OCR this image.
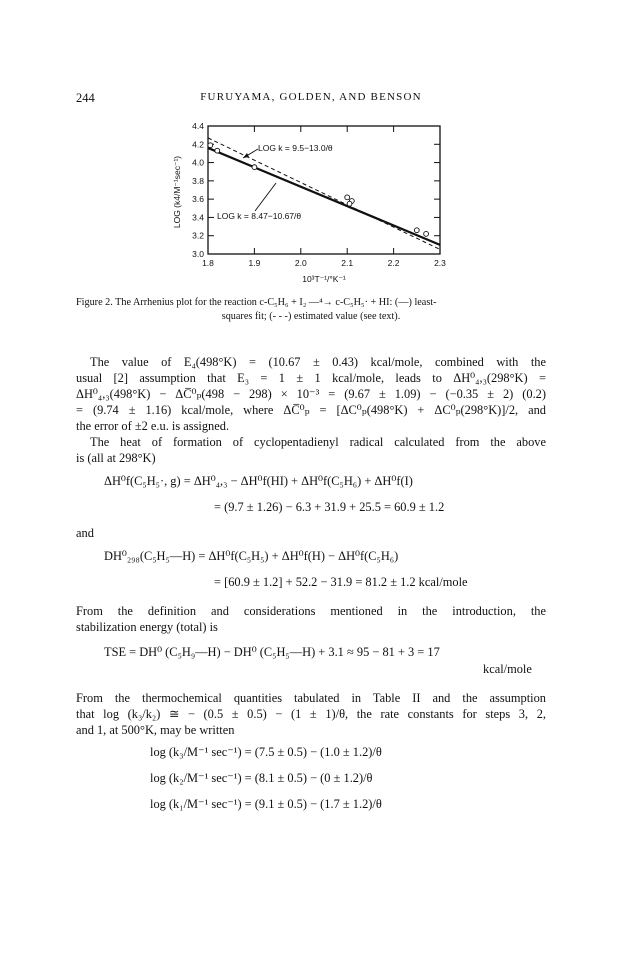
244	FURUYAMA, GOLDEN, AND BENSON
1.8	1.9	2.0	2.1	2.2	2.3
3.0
3.2
3.4
3.6
3.8
4.0
4.2
4.4
LOG k = 9.5−13.0/θ
LOG k = 8.47−10.67/θ
LOG (k4/M⁻¹sec⁻¹)
10³T⁻¹/°K⁻¹
Figure 2. The Arrhenius plot for the reaction c-C₅H₆ + I₂ —⁴→ c-C₅H₅· + HI: (—) least-
squares fit; (- - -) estimated value (see text).
The value of E₄(498°K) = (10.67 ± 0.43) kcal/mole, combined with the
usual [2] assumption that E₃ = 1 ± 1 kcal/mole, leads to ΔH⁰₄,₃(298°K) =
ΔH⁰₄,₃(498°K) − ΔC̅⁰ₚ(498 − 298) × 10⁻³ = (9.67 ± 1.09) − (−0.35 ± 2) (0.2)
= (9.74 ± 1.16) kcal/mole, where ΔC̅⁰ₚ = [ΔC⁰ₚ(498°K) + ΔC⁰ₚ(298°K)]/2, and
the error of ±2 e.u. is assigned.
The heat of formation of cyclopentadienyl radical calculated from the above
is (all at 298°K)
ΔH⁰f(C₅H₅·, g) = ΔH⁰₄,₃ − ΔH⁰f(HI) + ΔH⁰f(C₅H₆) + ΔH⁰f(I)
= (9.7 ± 1.26) − 6.3 + 31.9 + 25.5 = 60.9 ± 1.2
and
DH⁰₂₉₈(C₅H₅—H) = ΔH⁰f(C₅H₅) + ΔH⁰f(H) − ΔH⁰f(C₅H₆)
= [60.9 ± 1.2] + 52.2 − 31.9 = 81.2 ± 1.2 kcal/mole
From the definition and considerations mentioned in the introduction, the
stabilization energy (total) is
TSE = DH⁰ (C₅H₉—H) − DH⁰ (C₅H₅—H) + 3.1 ≈ 95 − 81 + 3 = 17
kcal/mole
From the thermochemical quantities tabulated in Table II and the assumption
that log (k₃/k₂) ≅ − (0.5 ± 0.5) − (1 ± 1)/θ, the rate constants for steps 3, 2,
and 1, at 500°K, may be written
log (k₃/M⁻¹ sec⁻¹) = (7.5 ± 0.5) − (1.0 ± 1.2)/θ
log (k₂/M⁻¹ sec⁻¹) = (8.1 ± 0.5) − (0 ± 1.2)/θ
log (k₁/M⁻¹ sec⁻¹) = (9.1 ± 0.5) − (1.7 ± 1.2)/θ
